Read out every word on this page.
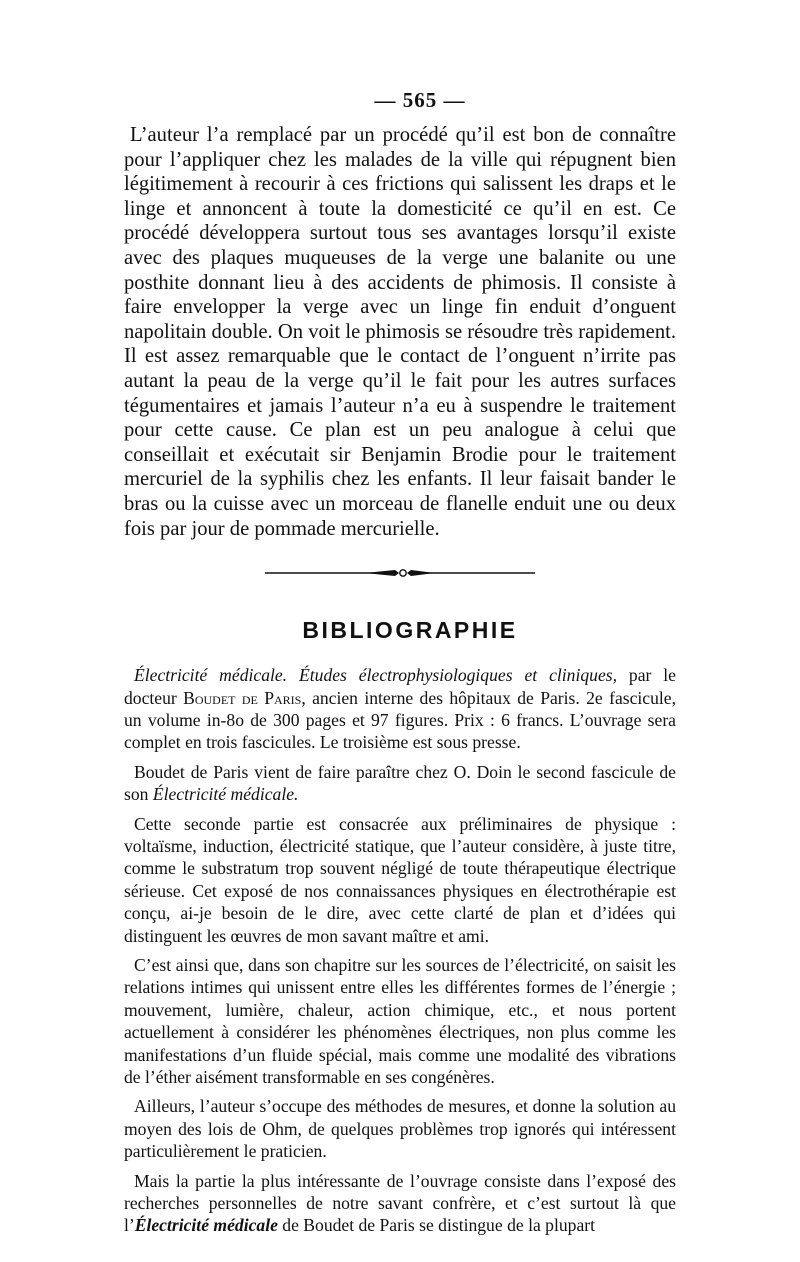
— 565 —

L’auteur l’a remplacé par un procédé qu’il est bon de connaître pour l’appliquer chez les malades de la ville qui répugnent bien légitimement à recourir à ces frictions qui salissent les draps et le linge et annoncent à toute la domesticité ce qu’il en est. Ce procédé développera surtout tous ses avantages lorsqu’il existe avec des plaques muqueuses de la verge une balanite ou une posthite donnant lieu à des accidents de phimosis. Il consiste à faire envelopper la verge avec un linge fin enduit d’onguent napolitain double. On voit le phimosis se résoudre très rapidement. Il est assez remarquable que le contact de l’onguent n’irrite pas autant la peau de la verge qu’il le fait pour les autres surfaces tégumentaires et jamais l’auteur n’a eu à suspendre le traitement pour cette cause. Ce plan est un peu analogue à celui que conseillait et exécutait sir Benjamin Brodie pour le traitement mercuriel de la syphilis chez les enfants. Il leur faisait bander le bras ou la cuisse avec un morceau de flanelle enduit une ou deux fois par jour de pommade mercurielle.

BIBLIOGRAPHIE

Électricité médicale. Études électrophysiologiques et cliniques, par le docteur Boudet de Paris, ancien interne des hôpitaux de Paris. 2e fascicule, un volume in-8o de 300 pages et 97 figures. Prix : 6 francs. L’ouvrage sera complet en trois fascicules. Le troisième est sous presse.

Boudet de Paris vient de faire paraître chez O. Doin le second fascicule de son Électricité médicale.

Cette seconde partie est consacrée aux préliminaires de physique : voltaïsme, induction, électricité statique, que l’auteur considère, à juste titre, comme le substratum trop souvent négligé de toute thérapeutique électrique sérieuse. Cet exposé de nos connaissances physiques en électrothérapie est conçu, ai-je besoin de le dire, avec cette clarté de plan et d’idées qui distinguent les œuvres de mon savant maître et ami.

C’est ainsi que, dans son chapitre sur les sources de l’électricité, on saisit les relations intimes qui unissent entre elles les différentes formes de l’énergie ; mouvement, lumière, chaleur, action chimique, etc., et nous portent actuellement à considérer les phénomènes électriques, non plus comme les manifestations d’un fluide spécial, mais comme une modalité des vibrations de l’éther aisément transformable en ses congénères.

Ailleurs, l’auteur s’occupe des méthodes de mesures, et donne la solution au moyen des lois de Ohm, de quelques problèmes trop ignorés qui intéressent particulièrement le praticien.

Mais la partie la plus intéressante de l’ouvrage consiste dans l’exposé des recherches personnelles de notre savant confrère, et c’est surtout là que l’Électricité médicale de Boudet de Paris se distingue de la plupart
